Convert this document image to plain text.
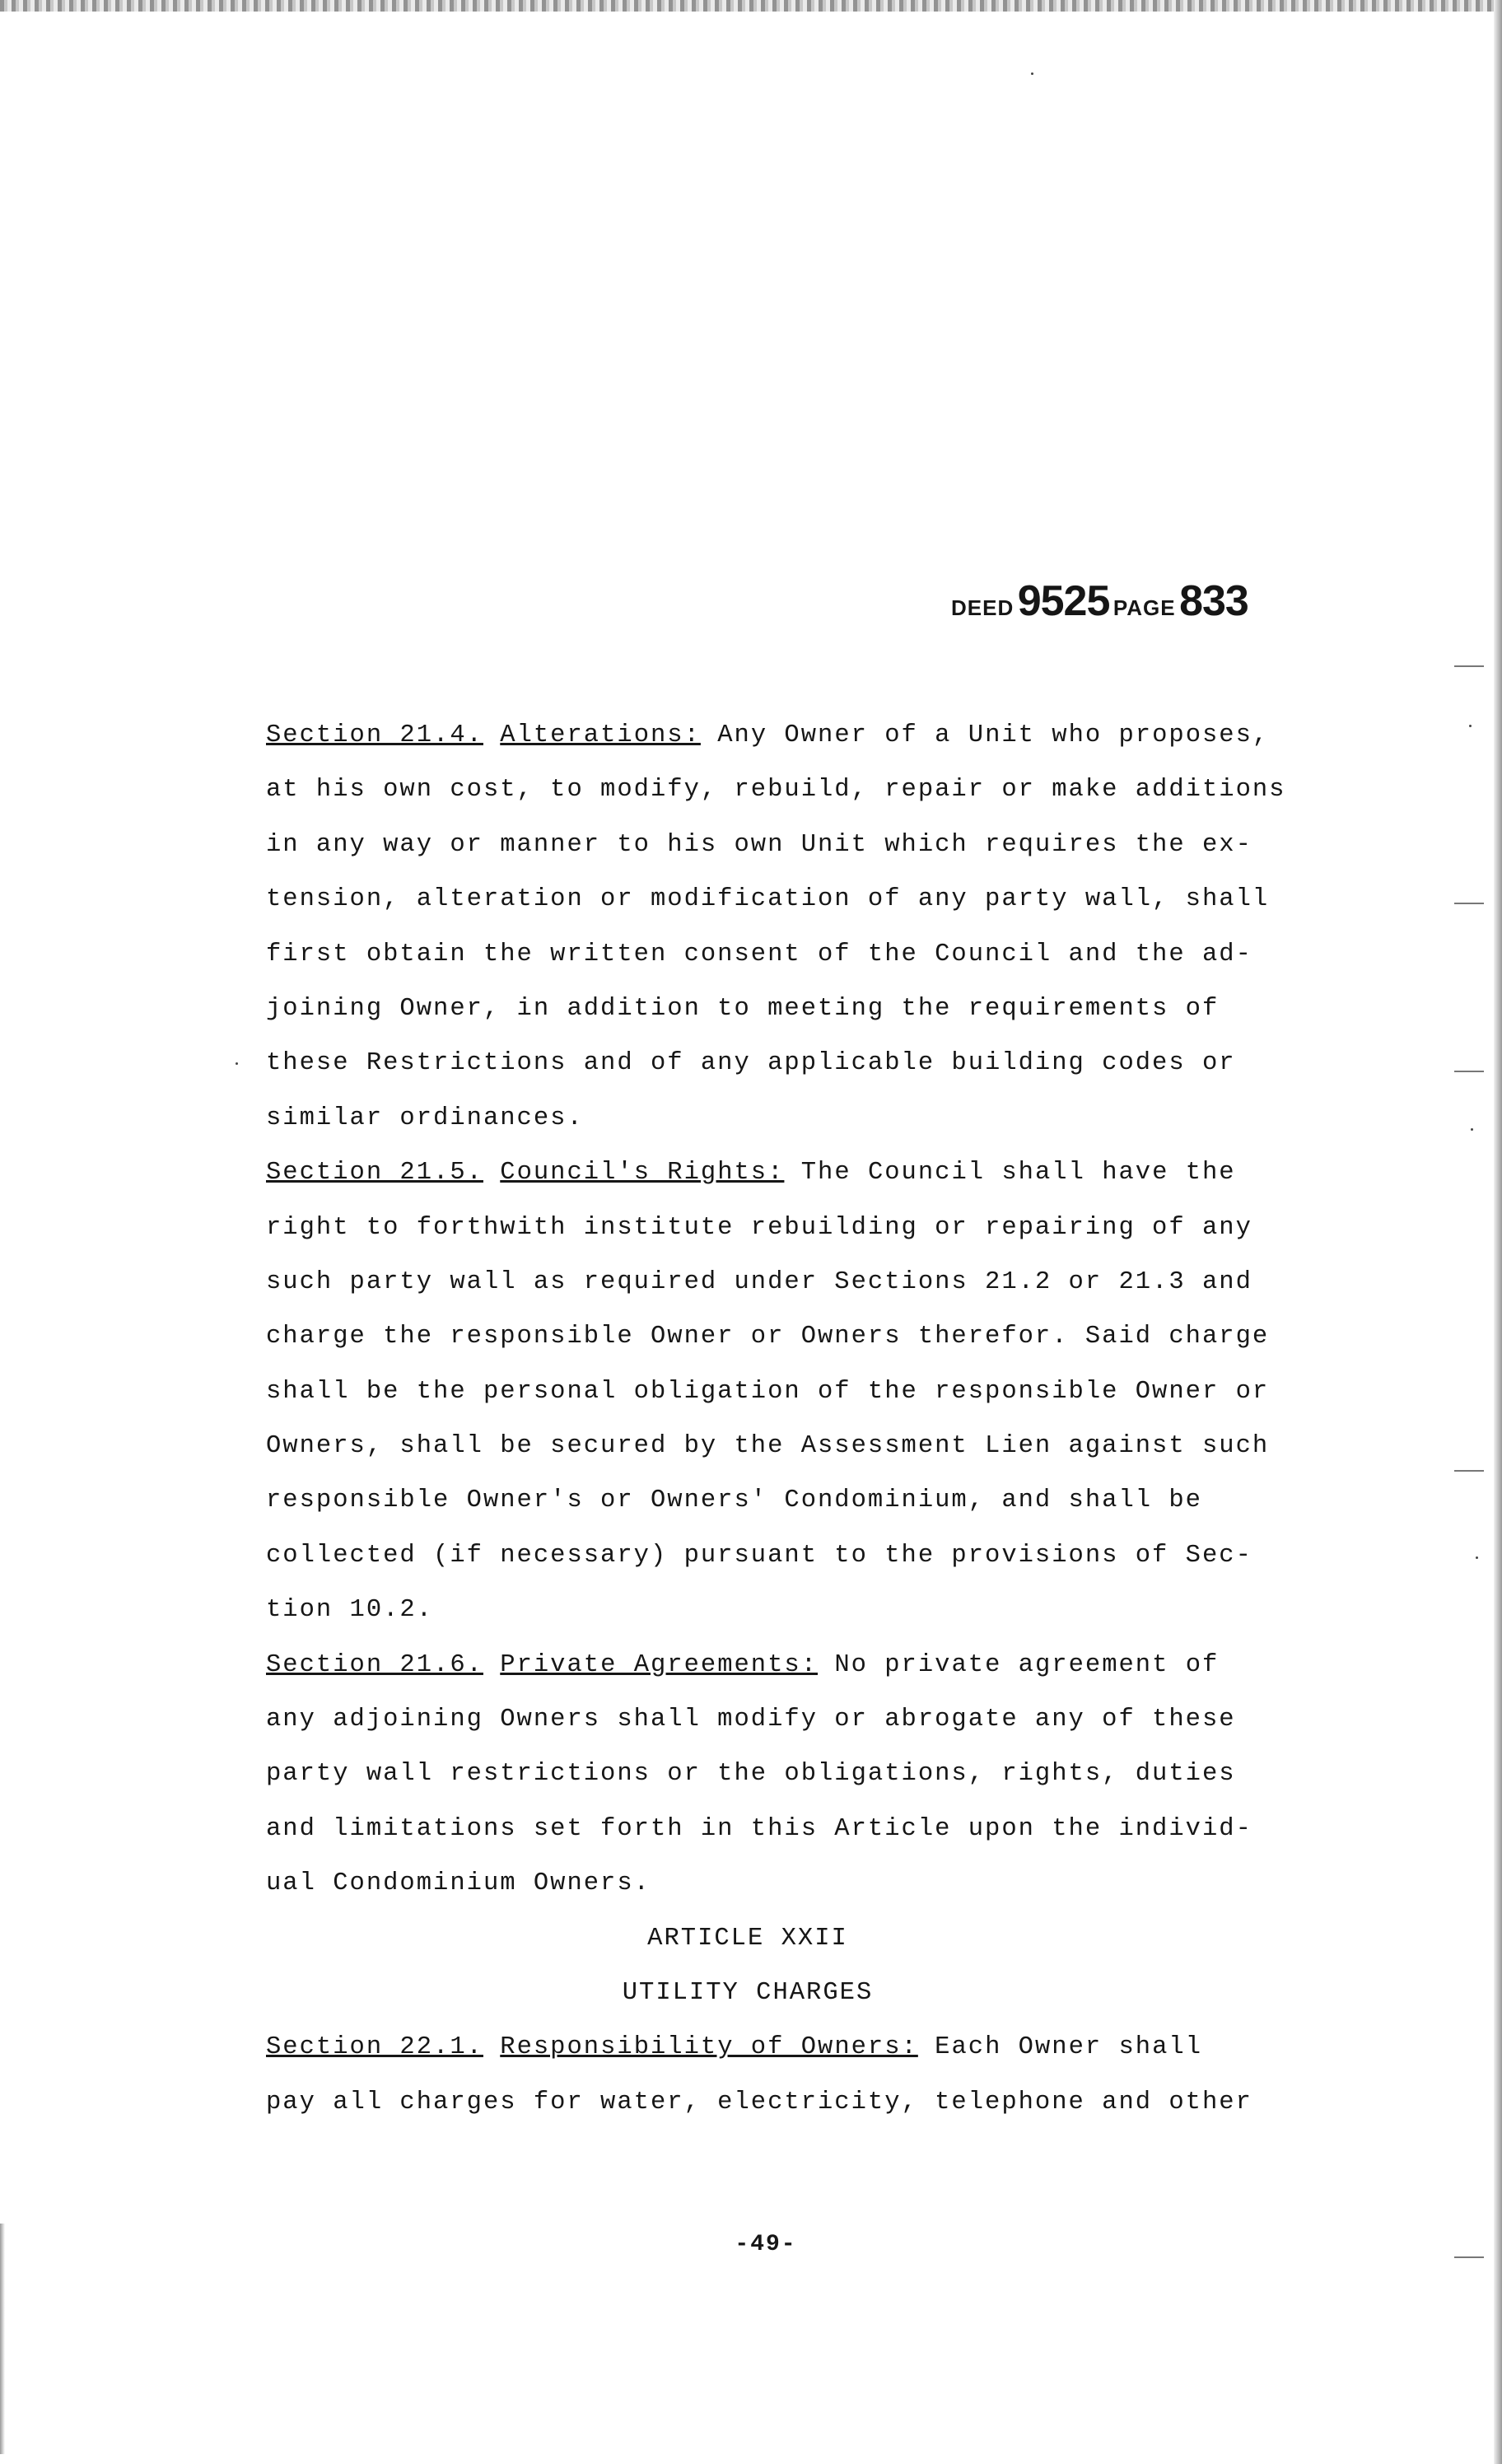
DEED 9525 PAGE 833
Section 21.4. Alterations: Any Owner of a Unit who proposes,
at his own cost, to modify, rebuild, repair or make additions
in any way or manner to his own Unit which requires the ex-
tension, alteration or modification of any party wall, shall
first obtain the written consent of the Council and the ad-
joining Owner, in addition to meeting the requirements of
these Restrictions and of any applicable building codes or
similar ordinances.
Section 21.5. Council's Rights: The Council shall have the
right to forthwith institute rebuilding or repairing of any
such party wall as required under Sections 21.2 or 21.3 and
charge the responsible Owner or Owners therefor. Said charge
shall be the personal obligation of the responsible Owner or
Owners, shall be secured by the Assessment Lien against such
responsible Owner's or Owners' Condominium, and shall be
collected (if necessary) pursuant to the provisions of Sec-
tion 10.2.
Section 21.6. Private Agreements: No private agreement of
any adjoining Owners shall modify or abrogate any of these
party wall restrictions or the obligations, rights, duties
and limitations set forth in this Article upon the individ-
ual Condominium Owners.
ARTICLE XXII
UTILITY CHARGES
Section 22.1. Responsibility of Owners: Each Owner shall
pay all charges for water, electricity, telephone and other
-49-
